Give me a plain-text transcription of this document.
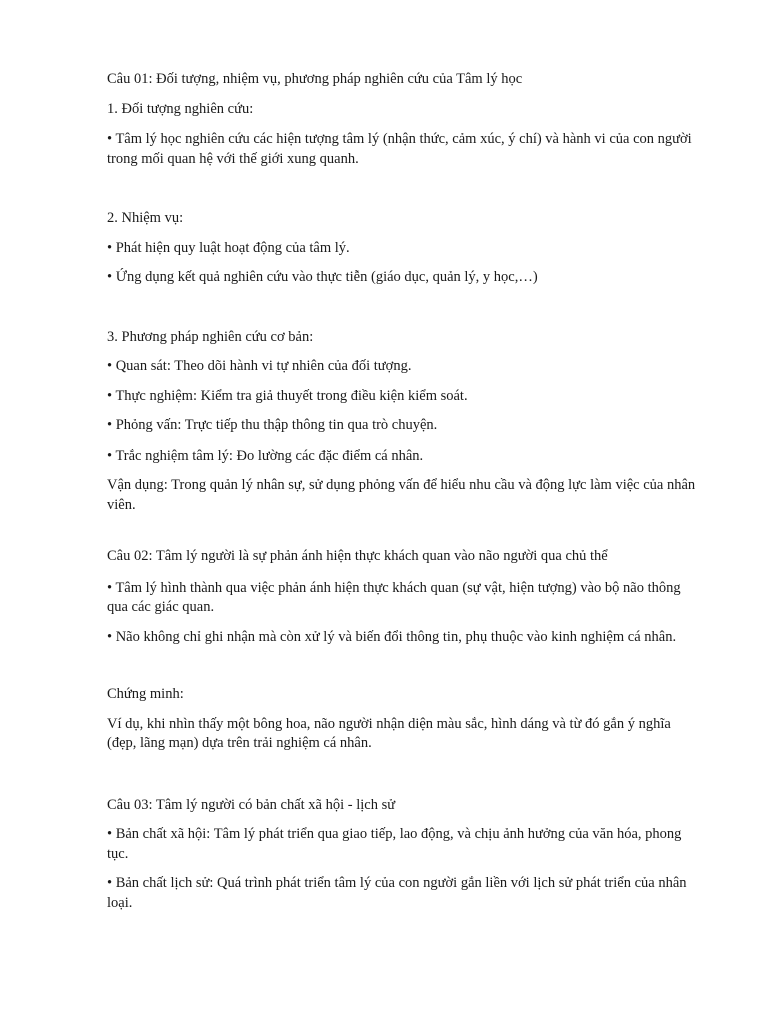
Câu 01: Đối tượng, nhiệm vụ, phương pháp nghiên cứu của Tâm lý học

1. Đối tượng nghiên cứu:

• Tâm lý học nghiên cứu các hiện tượng tâm lý (nhận thức, cảm xúc, ý chí) và hành vi của con người trong mối quan hệ với thế giới xung quanh.

2. Nhiệm vụ:

• Phát hiện quy luật hoạt động của tâm lý.

• Ứng dụng kết quả nghiên cứu vào thực tiễn (giáo dục, quản lý, y học,…)

3. Phương pháp nghiên cứu cơ bản:

• Quan sát: Theo dõi hành vi tự nhiên của đối tượng.

• Thực nghiệm: Kiểm tra giả thuyết trong điều kiện kiểm soát.

• Phỏng vấn: Trực tiếp thu thập thông tin qua trò chuyện.

• Trắc nghiệm tâm lý: Đo lường các đặc điểm cá nhân.

Vận dụng: Trong quản lý nhân sự, sử dụng phỏng vấn để hiểu nhu cầu và động lực làm việc của nhân viên.

Câu 02: Tâm lý người là sự phản ánh hiện thực khách quan vào não người qua chủ thể

• Tâm lý hình thành qua việc phản ánh hiện thực khách quan (sự vật, hiện tượng) vào bộ não thông qua các giác quan.

• Não không chỉ ghi nhận mà còn xử lý và biến đổi thông tin, phụ thuộc vào kinh nghiệm cá nhân.

Chứng minh:

Ví dụ, khi nhìn thấy một bông hoa, não người nhận diện màu sắc, hình dáng và từ đó gắn ý nghĩa (đẹp, lãng mạn) dựa trên trải nghiệm cá nhân.

Câu 03: Tâm lý người có bản chất xã hội - lịch sử

• Bản chất xã hội: Tâm lý phát triển qua giao tiếp, lao động, và chịu ảnh hưởng của văn hóa, phong tục.

• Bản chất lịch sử: Quá trình phát triển tâm lý của con người gắn liền với lịch sử phát triển của nhân loại.
